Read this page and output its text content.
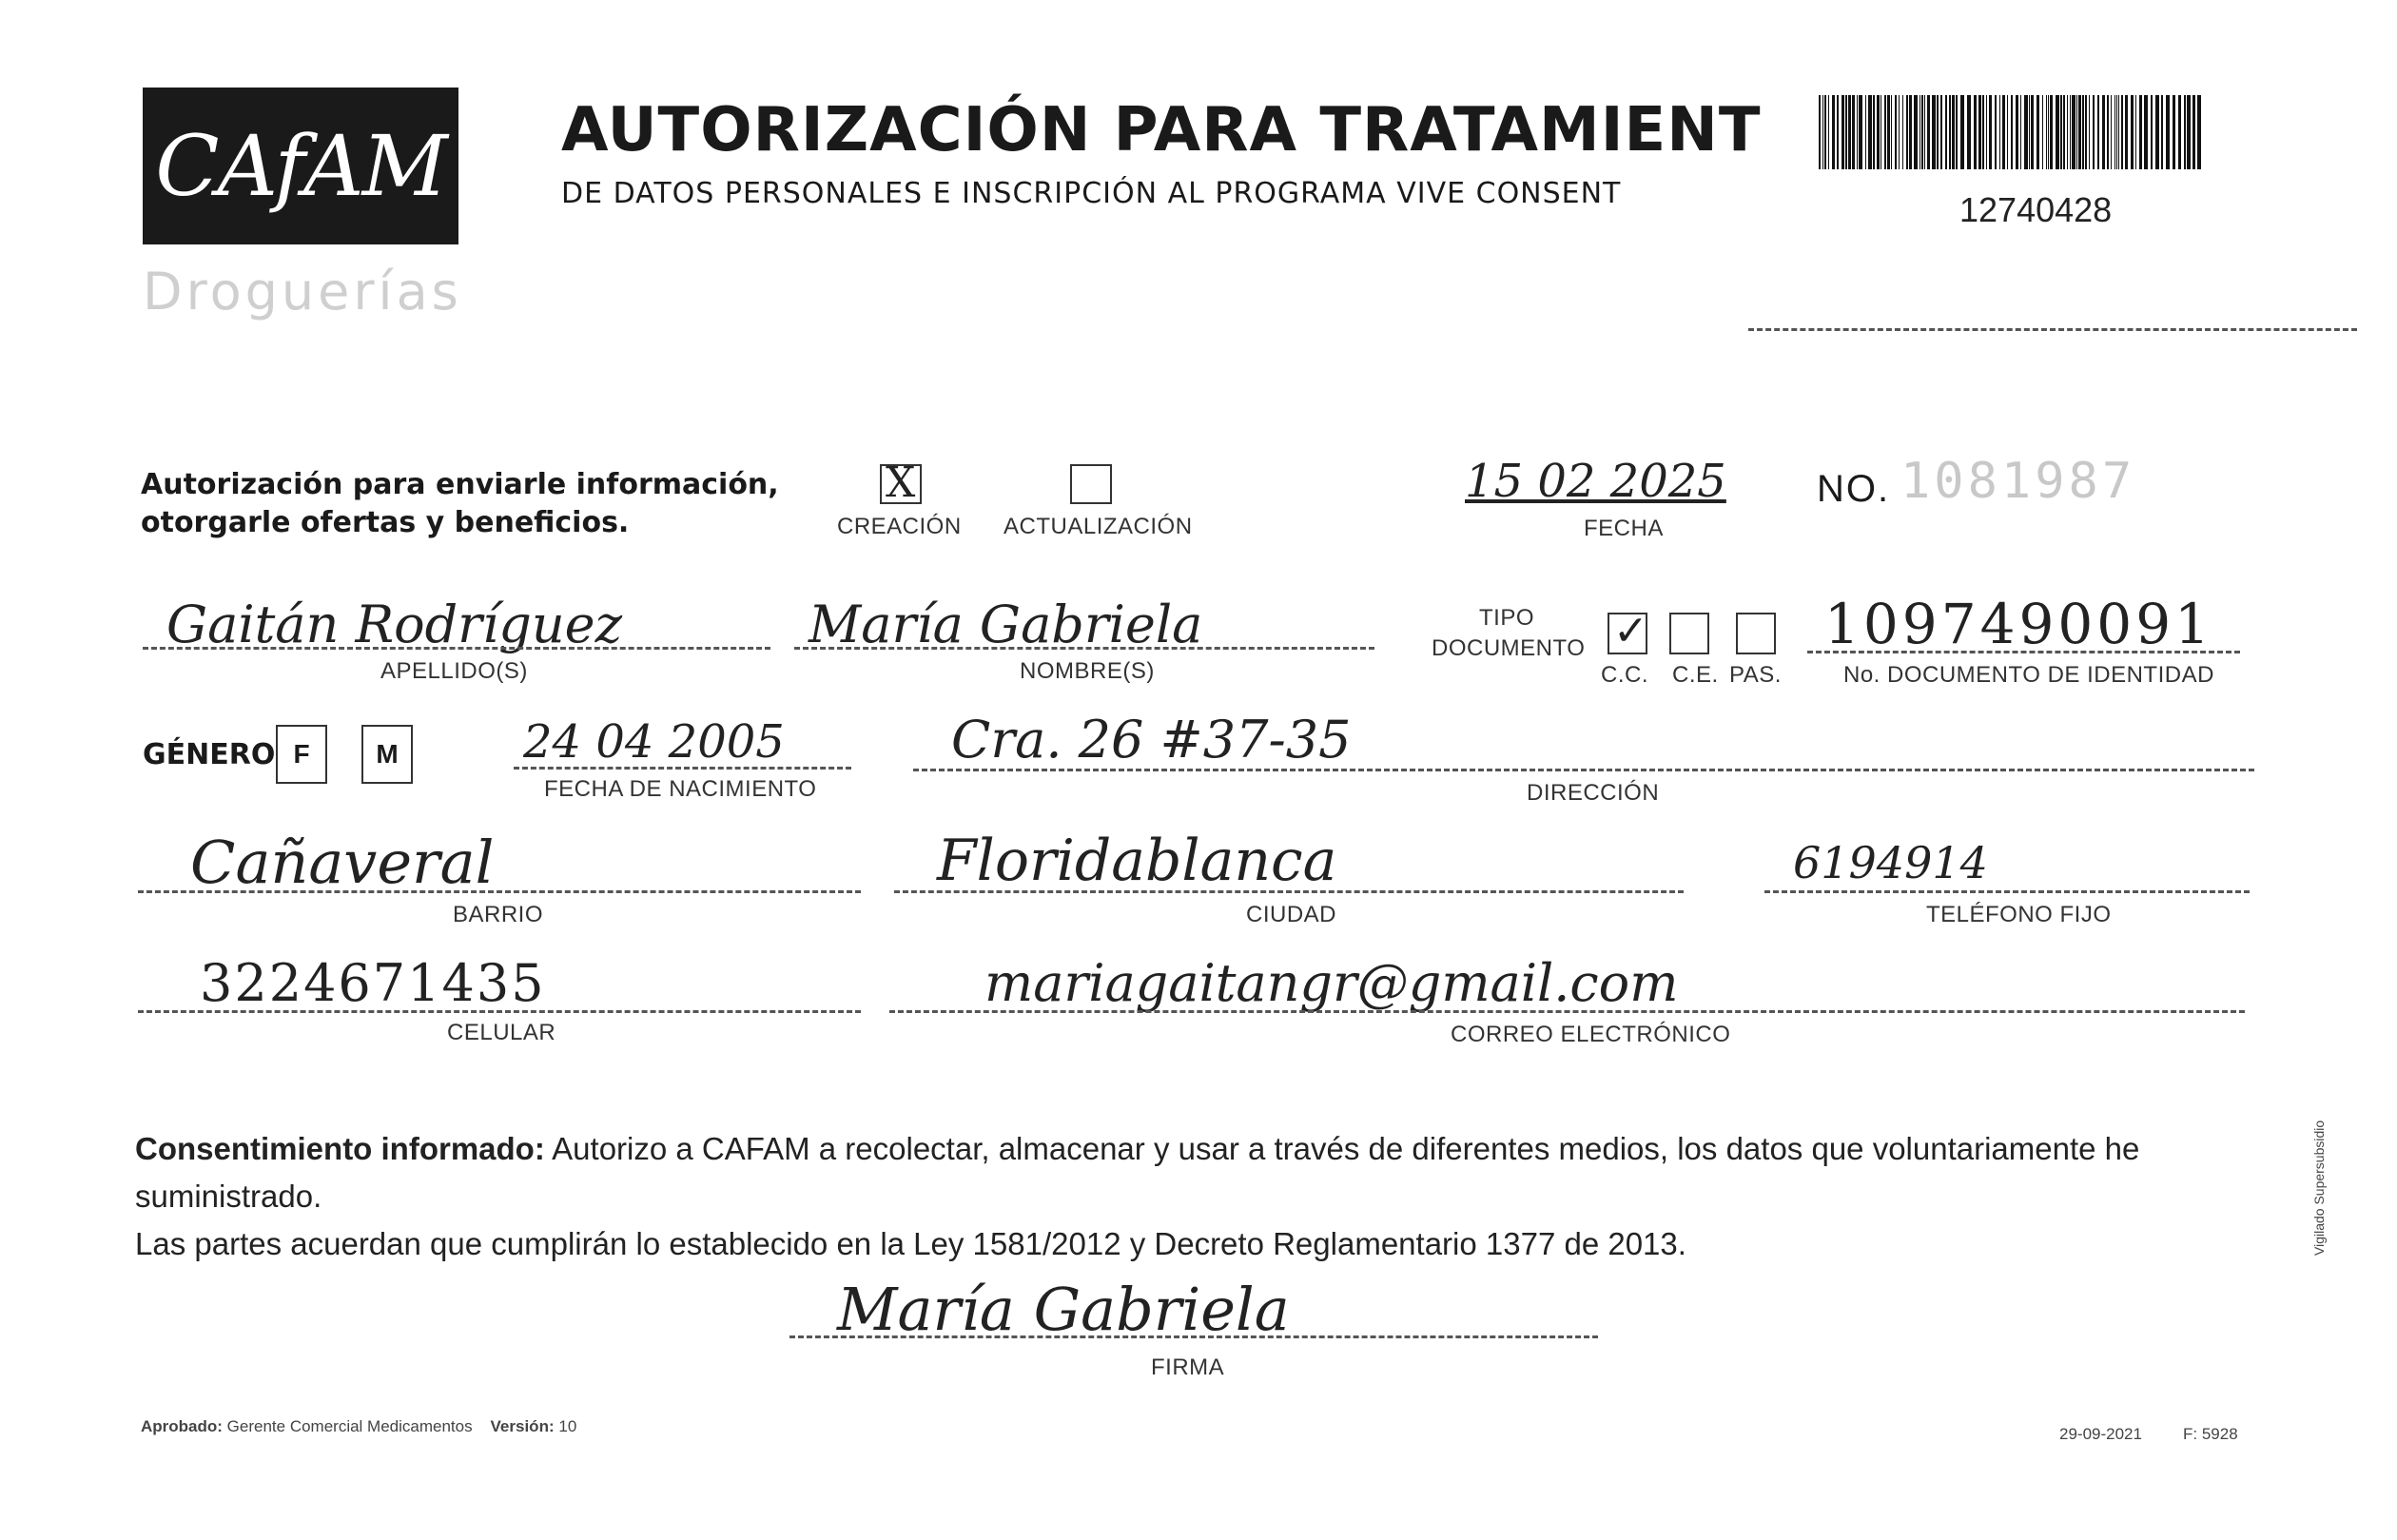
CAfAM
Droguerías
AUTORIZACIÓN PARA TRATAMIENT
DE DATOS PERSONALES E INSCRIPCIÓN AL PROGRAMA VIVE CONSENT	12740428
Autorización para enviarle información,
otorgarle ofertas y beneficios.
X
CREACIÓN ACTUALIZACIÓN
15 02 2025
FECHA
NO. 1081987
Gaitán Rodríguez
APELLIDO(S)
María Gabriela
NOMBRE(S)
TIPO
DOCUMENTO ✓
C.C. C.E. PAS.
1097490091
No. DOCUMENTO DE IDENTIDAD
GÉNERO F	M	24 04 2005
FECHA DE NACIMIENTO
Cra. 26 #37-35
DIRECCIÓN
Cañaveral
BARRIO
Floridablanca
CIUDAD
6194914
TELÉFONO FIJO
3224671435
CELULAR
mariagaitangr@gmail.com
CORREO ELECTRÓNICO
Consentimiento informado: Autorizo a CAFAM a recolectar, almacenar y usar a través de diferentes medios, los datos que voluntariamente he suministrado.
Las partes acuerdan que cumplirán lo establecido en la Ley 1581/2012 y Decreto Reglamentario 1377 de 2013.
María Gabriela
FIRMA
Aprobado: Gerente Comercial Medicamentos Versión: 10	29-09-2021	F: 5928
Vigilado Supersubsidio
